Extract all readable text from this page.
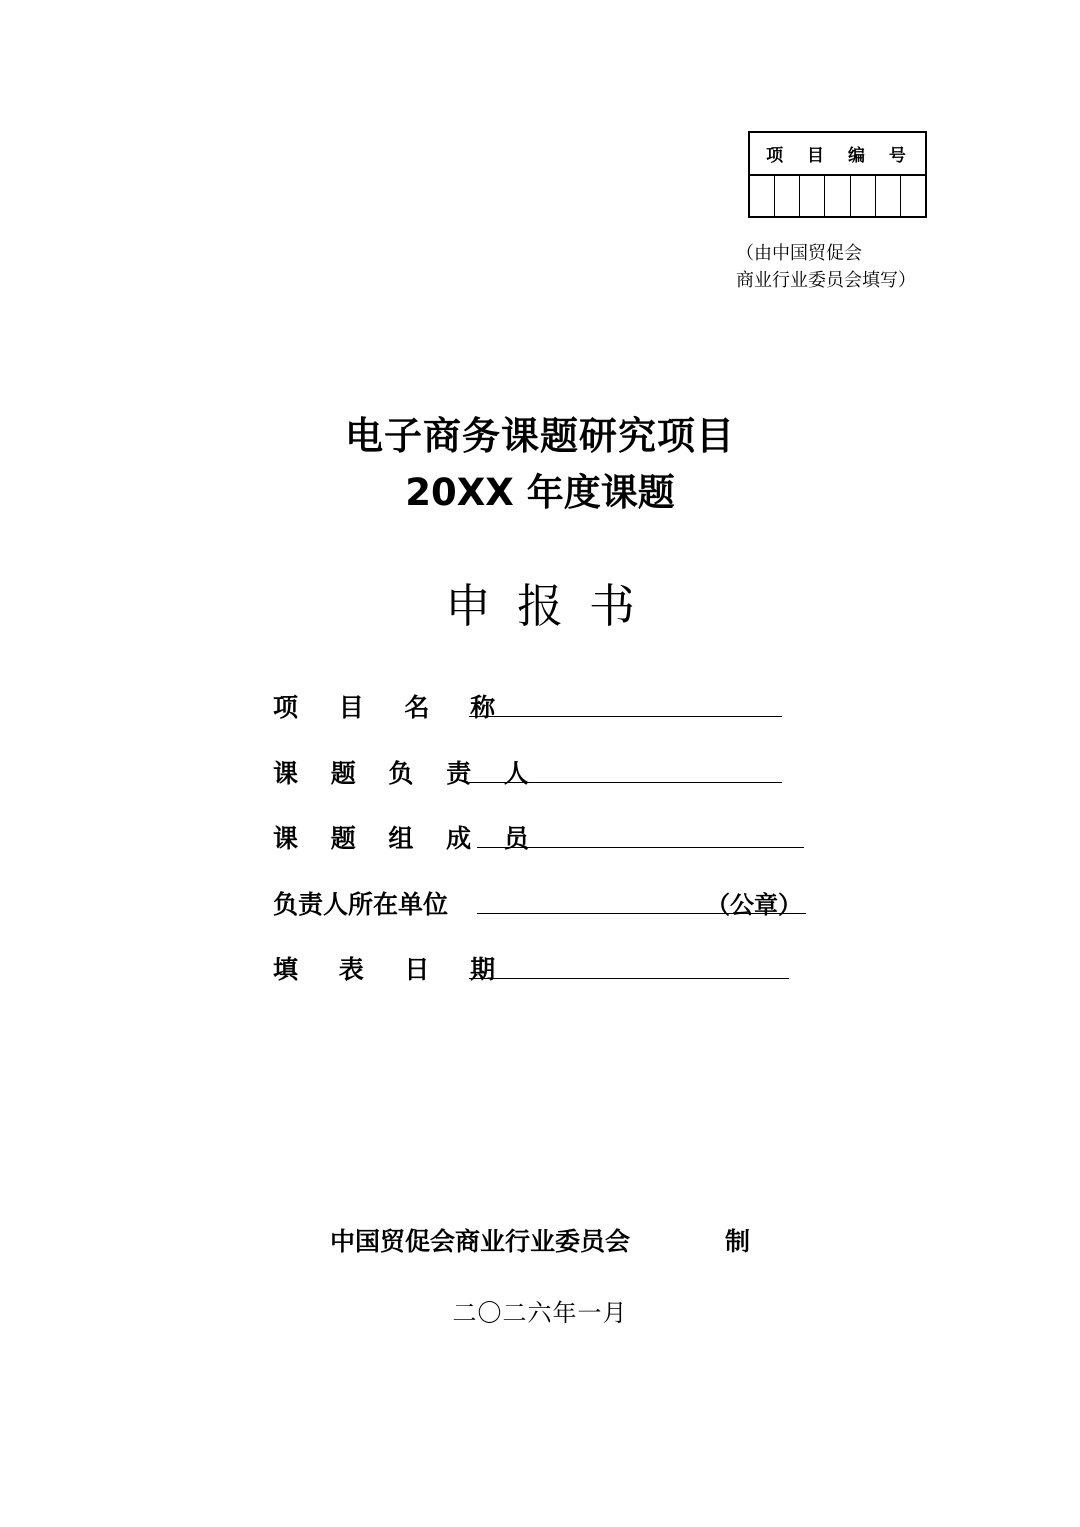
项 目 编 号
（由中国贸促会
商业行业委员会填写）
电子商务课题研究项目
20XX 年度课题
申报书
项 目 名 称
课 题 负 责 人
课 题 组 成 员
负责人所在单位	（公章）
填 表 日 期
中国贸促会商业行业委员会	制
二〇二六年一月
